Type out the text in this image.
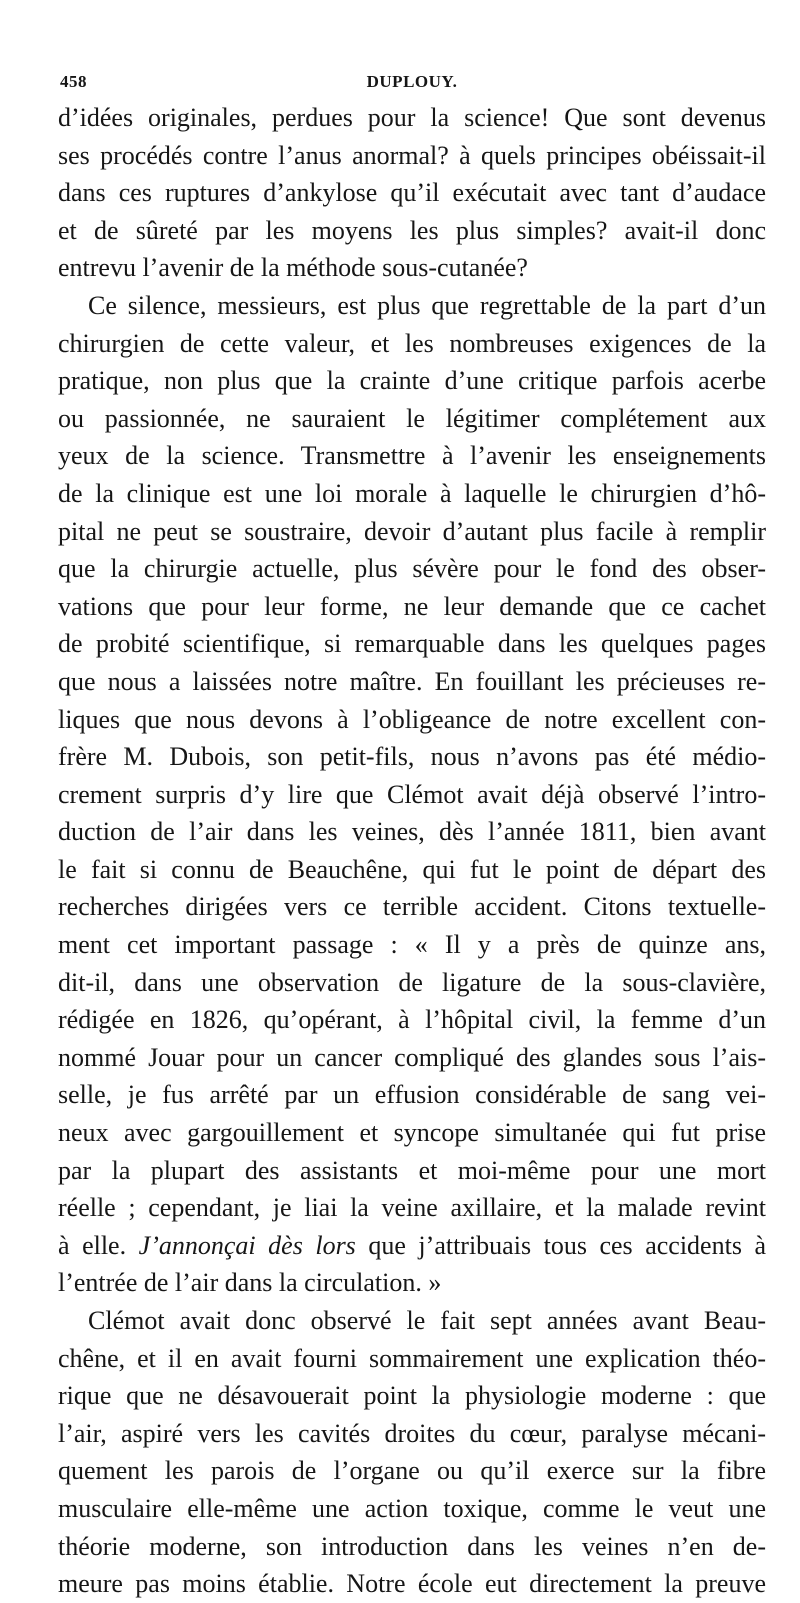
458	DUPLOUY.
d’idées originales, perdues pour la science! Que sont devenus
ses procédés contre l’anus anormal? à quels principes obéissait-il
dans ces ruptures d’ankylose qu’il exécutait avec tant d’audace
et de sûreté par les moyens les plus simples? avait-il donc
entrevu l’avenir de la méthode sous-cutanée?
Ce silence, messieurs, est plus que regrettable de la part d’un
chirurgien de cette valeur, et les nombreuses exigences de la
pratique, non plus que la crainte d’une critique parfois acerbe
ou passionnée, ne sauraient le légitimer complétement aux
yeux de la science. Transmettre à l’avenir les enseignements
de la clinique est une loi morale à laquelle le chirurgien d’hô-
pital ne peut se soustraire, devoir d’autant plus facile à remplir
que la chirurgie actuelle, plus sévère pour le fond des obser-
vations que pour leur forme, ne leur demande que ce cachet
de probité scientifique, si remarquable dans les quelques pages
que nous a laissées notre maître. En fouillant les précieuses re-
liques que nous devons à l’obligeance de notre excellent con-
frère M. Dubois, son petit-fils, nous n’avons pas été médio-
crement surpris d’y lire que Clémot avait déjà observé l’intro-
duction de l’air dans les veines, dès l’année 1811, bien avant
le fait si connu de Beauchêne, qui fut le point de départ des
recherches dirigées vers ce terrible accident. Citons textuelle-
ment cet important passage : « Il y a près de quinze ans,
dit-il, dans une observation de ligature de la sous-clavière,
rédigée en 1826, qu’opérant, à l’hôpital civil, la femme d’un
nommé Jouar pour un cancer compliqué des glandes sous l’ais-
selle, je fus arrêté par un effusion considérable de sang vei-
neux avec gargouillement et syncope simultanée qui fut prise
par la plupart des assistants et moi-même pour une mort
réelle ; cependant, je liai la veine axillaire, et la malade revint
à elle. J’annonçai dès lors que j’attribuais tous ces accidents à
l’entrée de l’air dans la circulation. »
Clémot avait donc observé le fait sept années avant Beau-
chêne, et il en avait fourni sommairement une explication théo-
rique que ne désavouerait point la physiologie moderne : que
l’air, aspiré vers les cavités droites du cœur, paralyse mécani-
quement les parois de l’organe ou qu’il exerce sur la fibre
musculaire elle-même une action toxique, comme le veut une
théorie moderne, son introduction dans les veines n’en de-
meure pas moins établie. Notre école eut directement la preuve
